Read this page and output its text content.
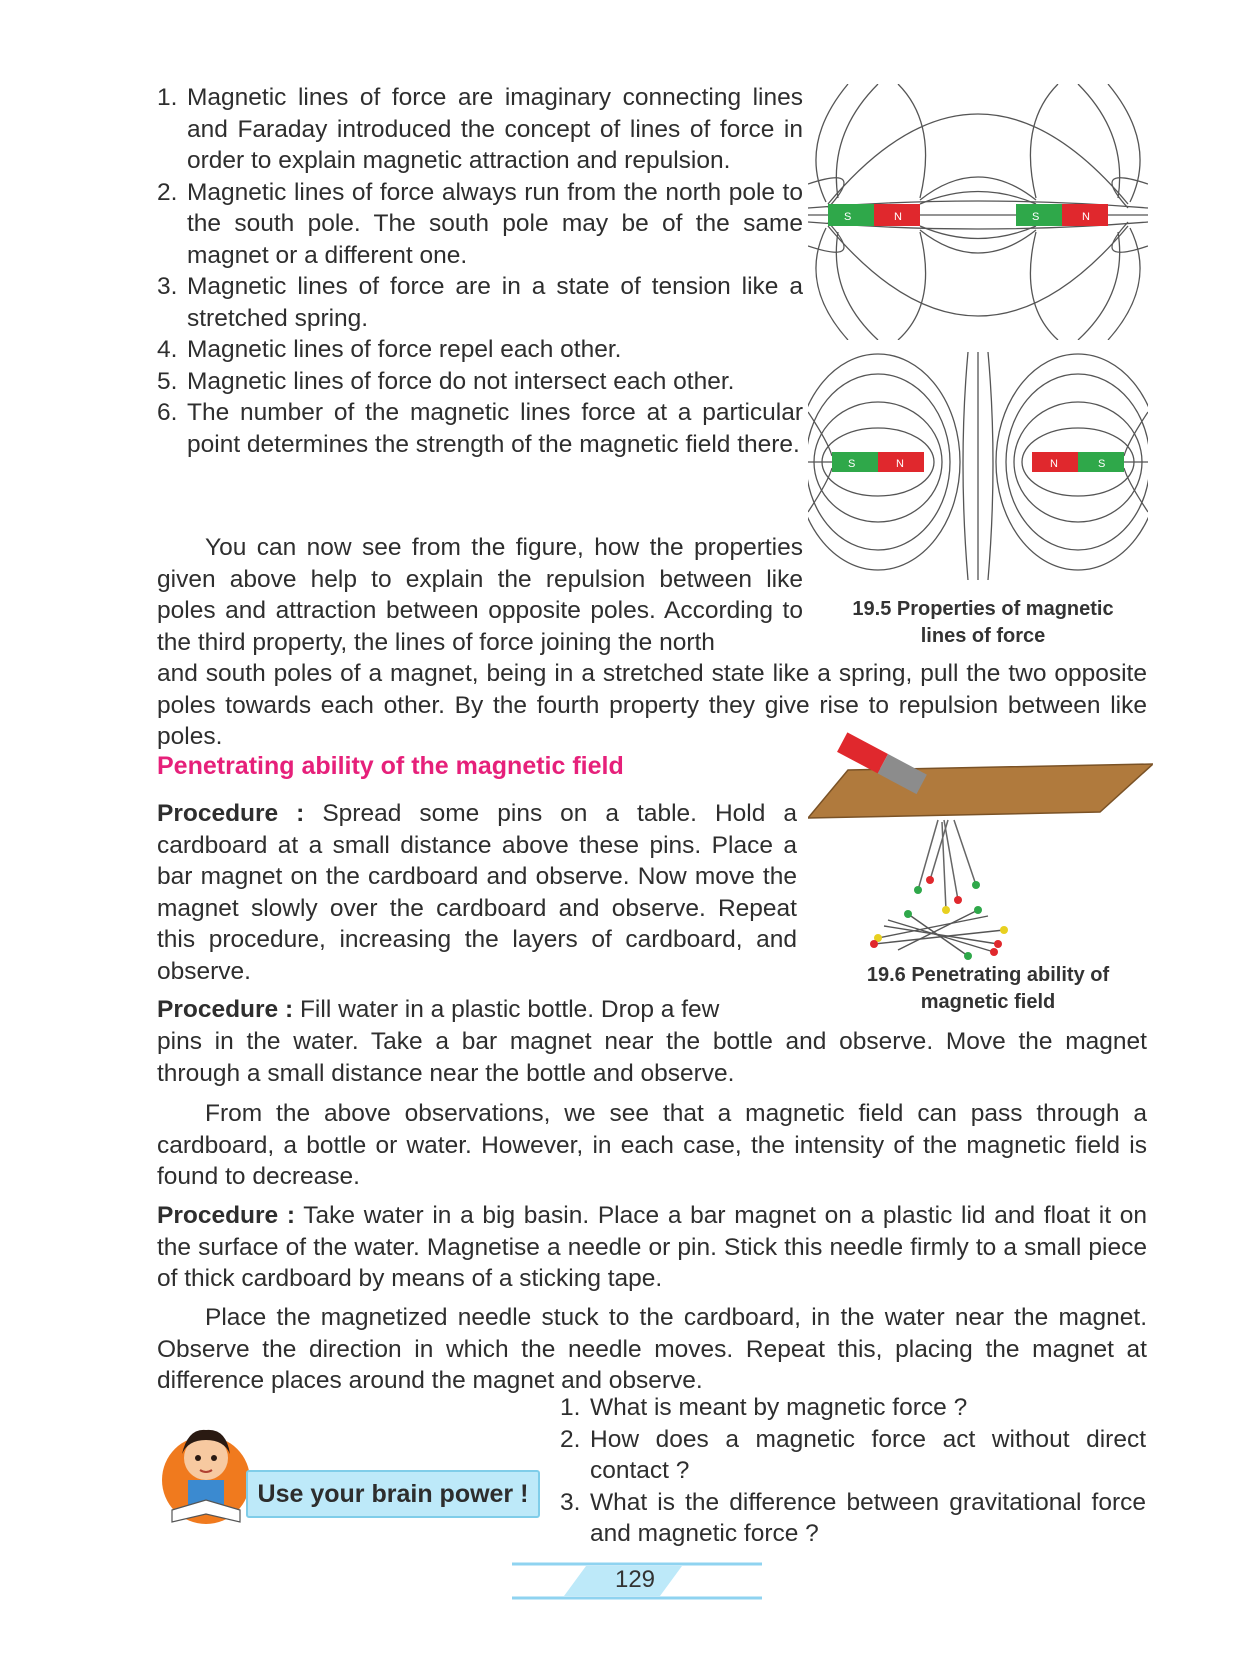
1. Magnetic lines of force are imaginary connecting lines and Faraday introduced the concept of lines of force in order to explain magnetic attraction and repulsion.
2. Magnetic lines of force always run from the north pole to the south pole. The south pole may be of the same magnet or a different one.
3. Magnetic lines of force are in a state of tension like a stretched spring.
4. Magnetic lines of force repel each other.
5. Magnetic lines of force do not intersect each other.
6. The number of the magnetic lines force at a particular point determines the strength of the magnetic field there.
S	N	S	N
S	N	N	S
19.5 Properties of magnetic
lines of force
You can now see from the figure, how the properties given above help to explain the repulsion between like poles and attraction between opposite poles. According to the third property, the lines of force joining the north
and south poles of a magnet, being in a stretched state like a spring, pull the two opposite poles towards each other. By the fourth property they give rise to repulsion between like poles.
Penetrating ability of the magnetic field
19.6 Penetrating ability of
magnetic field
Procedure : Spread some pins on a table. Hold a cardboard at a small distance above these pins. Place a bar magnet on the cardboard and observe. Now move the magnet slowly over the cardboard and observe. Repeat this procedure, increasing the layers of cardboard, and observe.
Procedure : Fill water in a plastic bottle. Drop a few
pins in the water. Take a bar magnet near the bottle and observe. Move the magnet through a small distance near the bottle and observe.
From the above observations, we see that a magnetic field can pass through a cardboard, a bottle or water. However, in each case, the intensity of the magnetic field is found to decrease.
Procedure : Take water in a big basin. Place a bar magnet on a plastic lid and float it on the surface of the water. Magnetise a needle or pin. Stick this needle firmly to a small piece of thick cardboard by means of a sticking tape.
Place the magnetized needle stuck to the cardboard, in the water near the magnet. Observe the direction in which the needle moves. Repeat this, placing the magnet at difference places around the magnet and observe.
Use your brain power !
1. What is meant by magnetic force ?
2. How does a magnetic force act without direct contact ?
3. What is the difference between gravitational force and magnetic force ?
129
